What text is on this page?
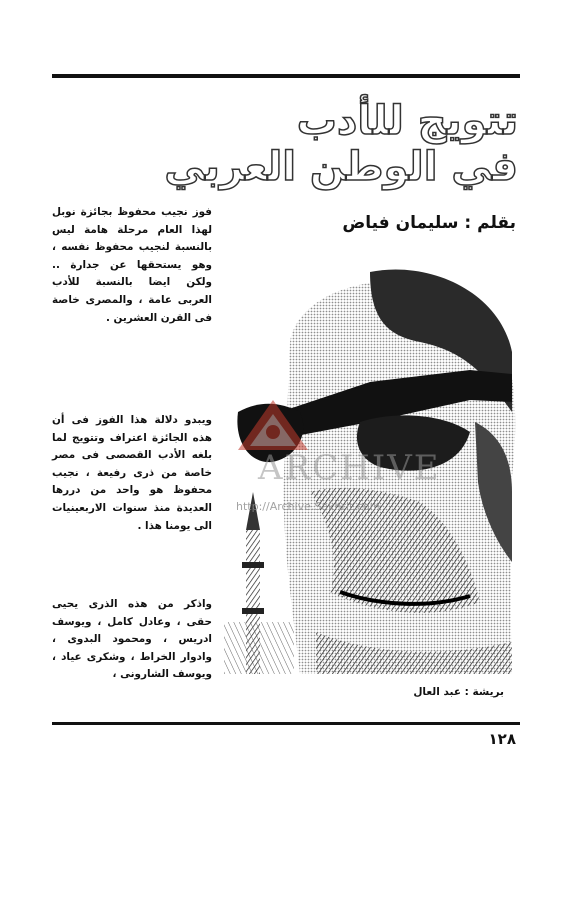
تتويج للأدب
في الوطن العربي
بقلم : سليمان فياض

فوز نجيب محفوظ بجائزة نوبل لهذا العام مرحلة هامة ليس بالنسبة لنجيب محفوظ نفسه ، وهو يستحقها عن جدارة .. ولكن ايضا بالنسبة للأدب العربى عامة ، والمصرى خاصة فى القرن العشرين .

ويبدو دلالة هذا الفوز فى أن هذه الجائزة اعتراف وتتويج لما بلغه الأدب القصصى فى مصر خاصة من ذرى رفيعة ، نجيب محفوظ هو واحد من دررها العديدة منذ سنوات الاربعينيات الى يومنا هذا .

واذكر من هذه الذرى يحيى حقى ، وعادل كامل ، ويوسف ادريس ، ومحمود البدوى ، وادوار الخراط ، وشكرى عياد ، ويوسف الشارونى ،

ARCHIVE
http://Archive.Sakhrit.com
بريشة : عبد العال
١٢٨
